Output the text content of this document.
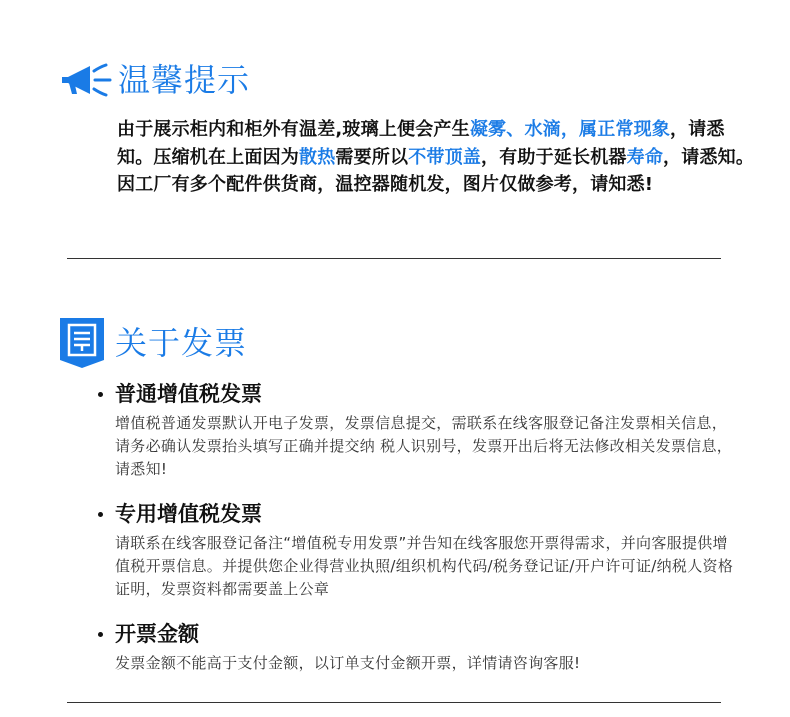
温馨提示
由于展示柜内和柜外有温差,玻璃上便会产生凝雾、水滴，属正常现象，请悉知。压缩机在上面因为散热需要所以不带顶盖，有助于延长机器寿命，请悉知。因工厂有多个配件供货商，温控器随机发，图片仅做参考，请知悉!
关于发票
普通增值税发票
增值税普通发票默认开电子发票，发票信息提交，需联系在线客服登记备注发票相关信息，请务必确认发票抬头填写正确并提交纳 税人识别号，发票开出后将无法修改相关发票信息，请悉知!
专用增值税发票
请联系在线客服登记备注“增值税专用发票”并告知在线客服您开票得需求，并向客服提供增值税开票信息。并提供您企业得营业执照/组织机构代码/税务登记证/开户许可证/纳税人资格证明，发票资料都需要盖上公章
开票金额
发票金额不能高于支付金额，以订单支付金额开票，详情请咨询客服!
